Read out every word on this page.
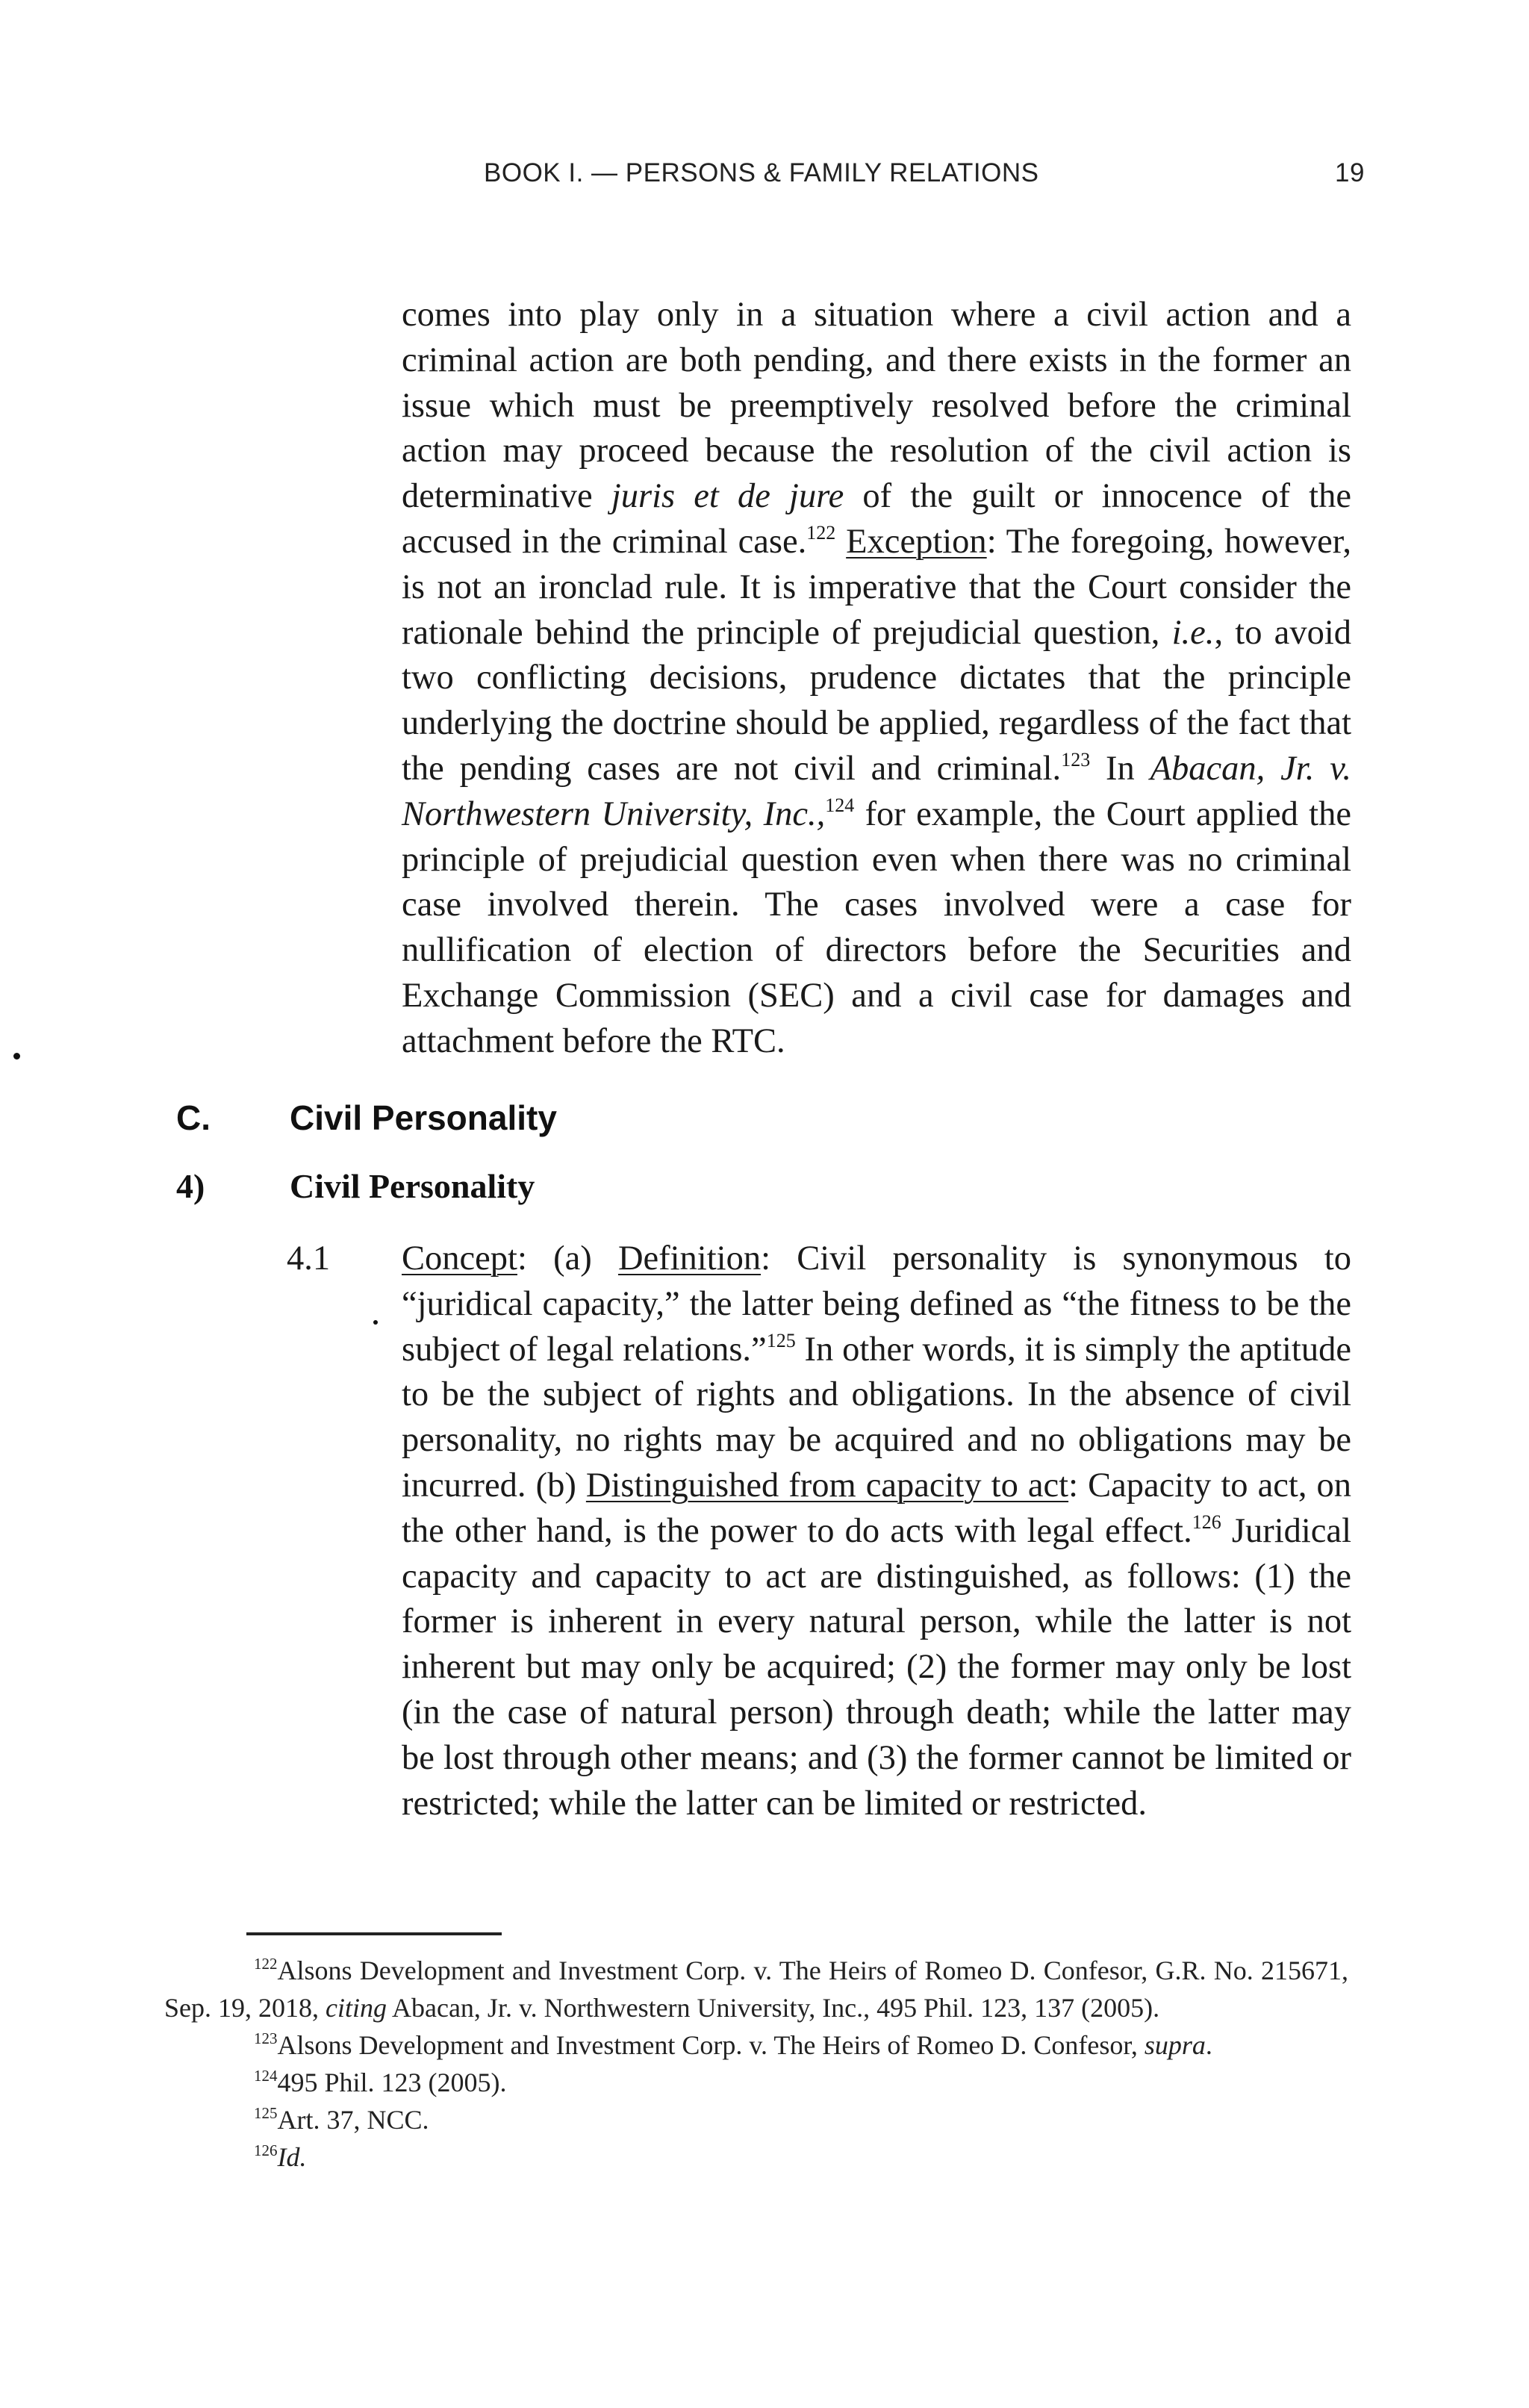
BOOK I. — PERSONS & FAMILY RELATIONS	19

comes into play only in a situation where a civil action and a criminal action are both pending, and there exists in the former an issue which must be preemptively resolved before the criminal action may proceed because the resolution of the civil action is determinative juris et de jure of the guilt or innocence of the accused in the criminal case.$^{122}$ Exception: The foregoing, however, is not an ironclad rule. It is imperative that the Court consider the rationale behind the principle of prejudicial question, i.e., to avoid two conflicting decisions, prudence dictates that the principle underlying the doctrine should be applied, regardless of the fact that the pending cases are not civil and criminal.$^{123}$ In Abacan, Jr. v. Northwestern University, Inc.,$^{124}$ for example, the Court applied the principle of prejudicial question even when there was no criminal case involved therein. The cases involved were a case for nullification of election of directors before the Securities and Exchange Commission (SEC) and a civil case for damages and attachment before the RTC.

C. Civil Personality
4) Civil Personality
4.1 Concept: (a) Definition: Civil personality is synonymous to “juridical capacity,” the latter being defined as “the fitness to be the subject of legal relations.”$^{125}$ In other words, it is simply the aptitude to be the subject of rights and obligations. In the absence of civil personality, no rights may be acquired and no obligations may be incurred. (b) Distinguished from capacity to act: Capacity to act, on the other hand, is the power to do acts with legal effect.$^{126}$ Juridical capacity and capacity to act are distinguished, as follows: (1) the former is inherent in every natural person, while the latter is not inherent but may only be acquired; (2) the former may only be lost (in the case of natural person) through death; while the latter may be lost through other means; and (3) the former cannot be limited or restricted; while the latter can be limited or restricted.

$^{122}$Alsons Development and Investment Corp. v. The Heirs of Romeo D. Confesor, G.R. No. 215671, Sep. 19, 2018, citing Abacan, Jr. v. Northwestern University, Inc., 495 Phil. 123, 137 (2005).

$^{123}$Alsons Development and Investment Corp. v. The Heirs of Romeo D. Confesor, supra.

$^{124}$495 Phil. 123 (2005).

$^{125}$Art. 37, NCC.

$^{126}$Id.
